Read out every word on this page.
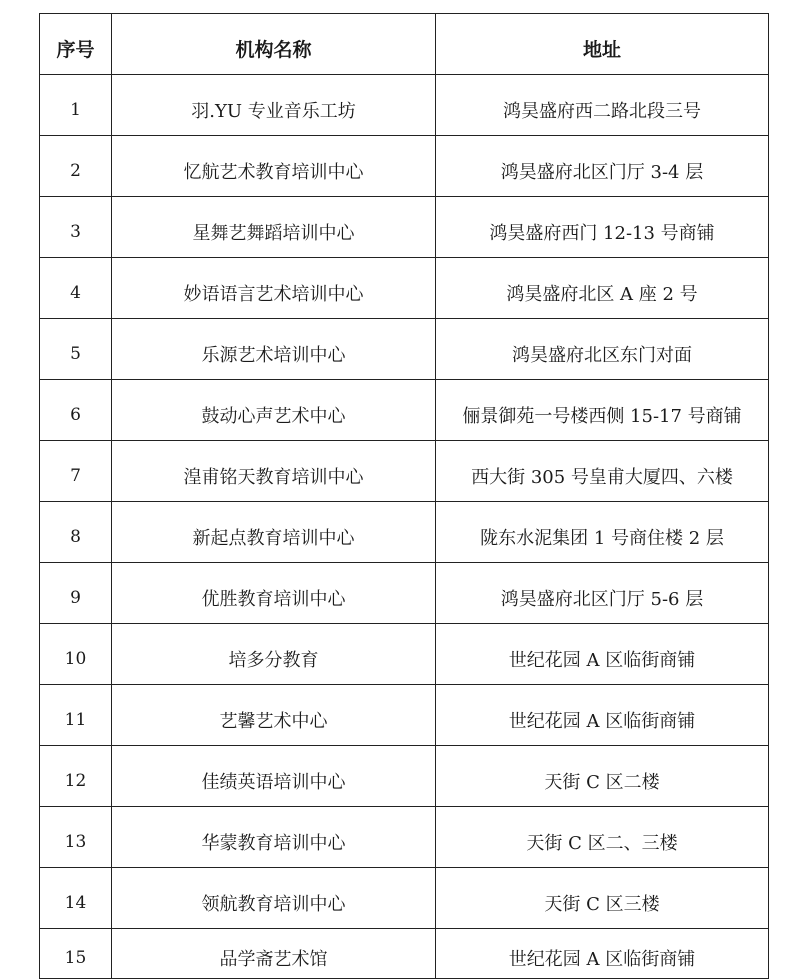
序号	机构名称	地址
1	羽.YU 专业音乐工坊	鸿昊盛府西二路北段三号
2	忆航艺术教育培训中心	鸿昊盛府北区门厅 3-4 层
3	星舞艺舞蹈培训中心	鸿昊盛府西门 12-13 号商铺
4	妙语语言艺术培训中心	鸿昊盛府北区 A 座 2 号
5	乐源艺术培训中心	鸿昊盛府北区东门对面
6	鼓动心声艺术中心	俪景御苑一号楼西侧 15-17 号商铺
7	湟甫铭天教育培训中心	西大街 305 号皇甫大厦四、六楼
8	新起点教育培训中心	陇东水泥集团 1 号商住楼 2 层
9	优胜教育培训中心	鸿昊盛府北区门厅 5-6 层
10	培多分教育	世纪花园 A 区临街商铺
11	艺馨艺术中心	世纪花园 A 区临街商铺
12	佳绩英语培训中心	天街 C 区二楼
13	华蒙教育培训中心	天街 C 区二、三楼
14	领航教育培训中心	天街 C 区三楼
15	品学斋艺术馆	世纪花园 A 区临街商铺
